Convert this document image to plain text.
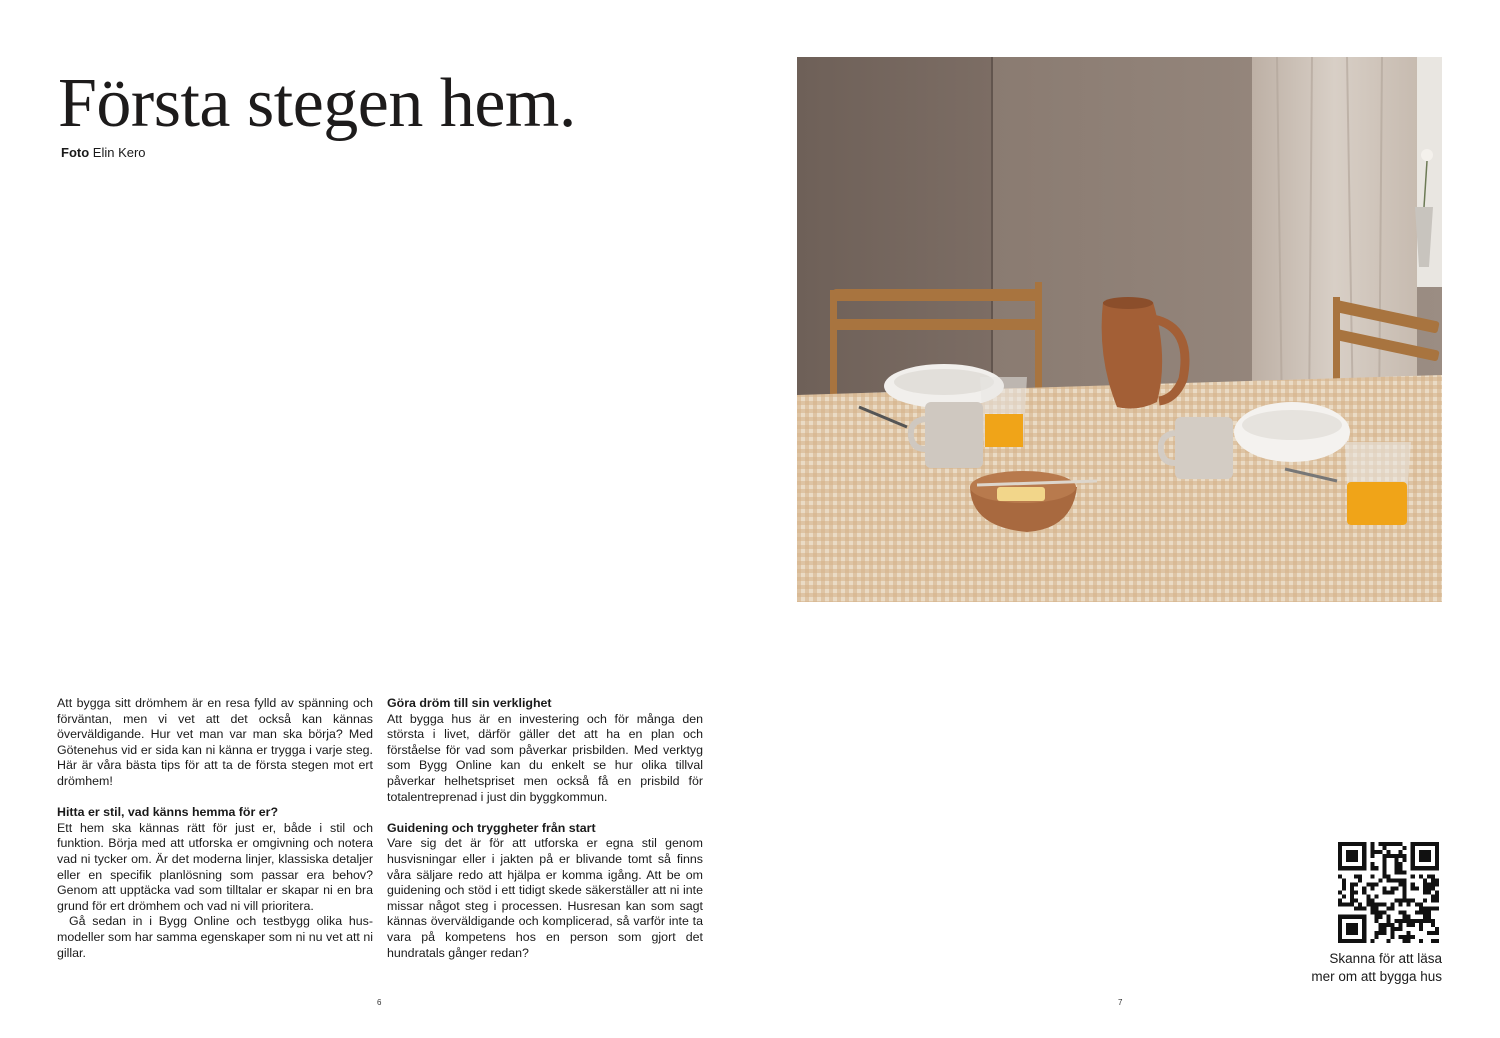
Första stegen hem.
Foto Elin Kero

Att bygga sitt drömhem är en resa fylld av spänning och förväntan, men vi vet att det också kan kännas överväldigande. Hur vet man var man ska börja? Med Götenehus vid er sida kan ni känna er trygga i varje steg. Här är våra bästa tips för att ta de första stegen mot ert drömhem!

Hitta er stil, vad känns hemma för er?

Ett hem ska kännas rätt för just er, både i stil och funktion. Börja med att utforska er omgivning och notera vad ni tycker om. Är det moderna linjer, klassiska detaljer eller en specifik planlösning som passar era behov? Genom att upptäcka vad som tilltalar er skapar ni en bra grund för ert drömhem och vad ni vill prioritera.

Gå sedan in i Bygg Online och testbygg olika husmodeller som har samma egenskaper som ni nu vet att ni gillar.

Göra dröm till sin verklighet

Att bygga hus är en investering och för många den största i livet, därför gäller det att ha en plan och förståelse för vad som påverkar prisbilden. Med verktyg som Bygg Online kan du enkelt se hur olika tillval påverkar helhetspriset men också få en prisbild för totalentreprenad i just din byggkommun.

Guidening och tryggheter från start

Vare sig det är för att utforska er egna stil genom husvisningar eller i jakten på er blivande tomt så finns våra säljare redo att hjälpa er komma igång. Att be om guidening och stöd i ett tidigt skede säkerställer att ni inte missar något steg i processen. Husresan kan som sagt kännas överväldigande och komplicerad, så varför inte ta vara på kompetens hos en person som gjort det hundratals gånger redan?

6	7
Skanna för att läsa
mer om att bygga hus
